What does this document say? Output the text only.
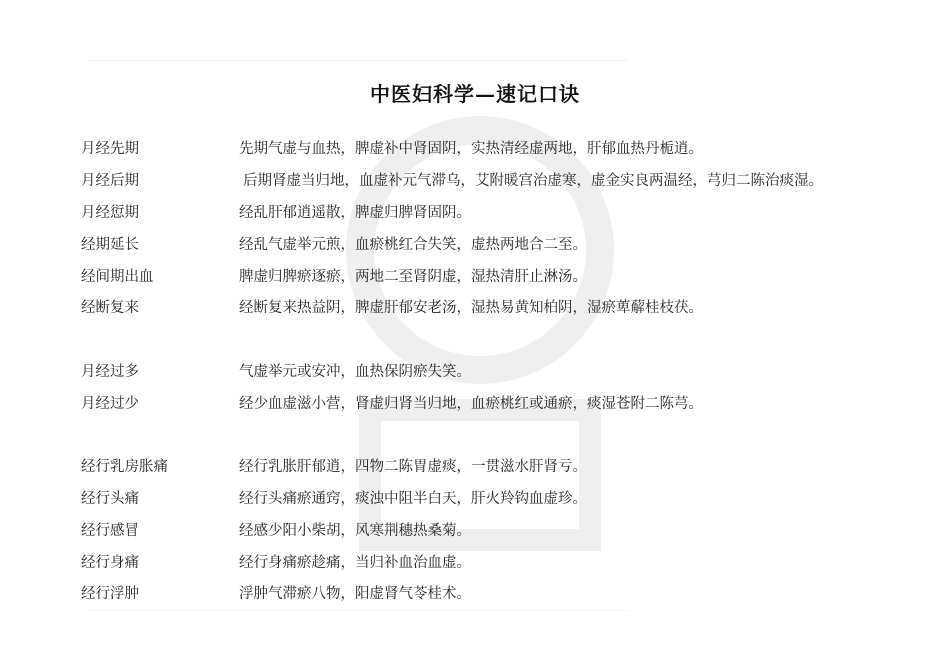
中医妇科学—速记口诀
月经先期	先期气虚与血热，脾虚补中肾固阴，实热清经虚两地，肝郁血热丹栀逍。
月经后期	后期肾虚当归地，血虚补元气滞乌，艾附暖宫治虚寒，虚金实良两温经，芎归二陈治痰湿。
月经愆期	经乱肝郁逍遥散，脾虚归脾肾固阴。
经期延长	经乱气虚举元煎，血瘀桃红合失笑，虚热两地合二至。
经间期出血	脾虚归脾瘀逐瘀，两地二至肾阴虚，湿热清肝止淋汤。
经断复来	经断复来热益阴，脾虚肝郁安老汤，湿热易黄知柏阴，湿瘀萆薢桂枝茯。
月经过多	气虚举元或安冲，血热保阴瘀失笑。
月经过少	经少血虚滋小营，肾虚归肾当归地，血瘀桃红或通瘀，痰湿苍附二陈芎。
经行乳房胀痛	经行乳胀肝郁逍，四物二陈胃虚痰，一贯滋水肝肾亏。
经行头痛	经行头痛瘀通窍，痰浊中阻半白天，肝火羚钩血虚珍。
经行感冒	经感少阳小柴胡，风寒荆穗热桑菊。
经行身痛	经行身痛瘀趁痛，当归补血治血虚。
经行浮肿	浮肿气滞瘀八物，阳虚肾气苓桂术。
